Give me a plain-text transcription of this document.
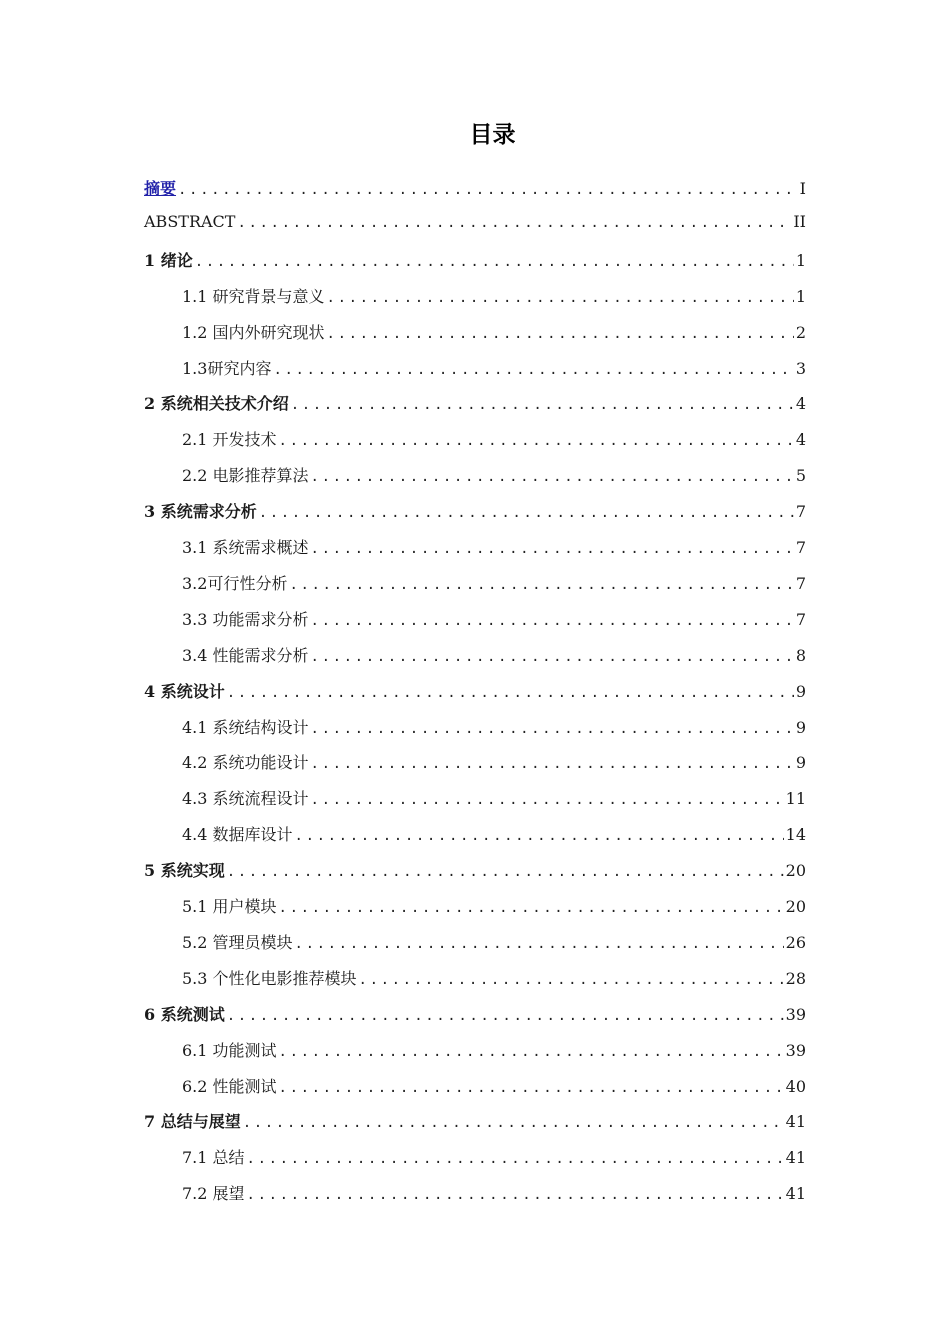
目录
摘要 .....	I
ABSTRACT .....	II
1 绪论 .....	1
1.1 研究背景与意义 .....	1
1.2 国内外研究现状 .....	2
1.3研究内容 .....	3
2 系统相关技术介绍 .....	4
2.1 开发技术 .....	4
2.2 电影推荐算法 .....	5
3 系统需求分析 .....	7
3.1 系统需求概述 .....	7
3.2可行性分析 .....	7
3.3 功能需求分析 .....	7
3.4 性能需求分析 .....	8
4 系统设计 .....	9
4.1 系统结构设计 .....	9
4.2 系统功能设计 .....	9
4.3 系统流程设计 .....	11
4.4 数据库设计 .....	14
5 系统实现 .....	20
5.1 用户模块 .....	20
5.2 管理员模块 .....	26
5.3 个性化电影推荐模块 .....	28
6 系统测试 .....	39
6.1 功能测试 .....	39
6.2 性能测试 .....	40
7 总结与展望 .....	41
7.1 总结 .....	41
7.2 展望 .....	41
